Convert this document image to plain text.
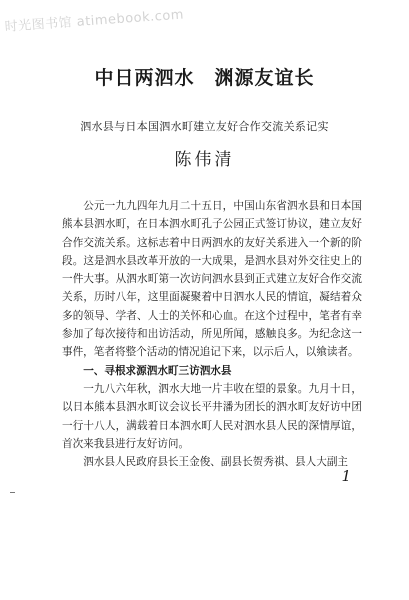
时光图书馆 atimebook.com
中日两泗水　渊源友谊长
泗水县与日本国泗水町建立友好合作交流关系记实
陈伟清

公元一九九四年九月二十五日，中国山东省泗水县和日本国熊本县泗水町，在日本泗水町孔子公园正式签订协议，建立友好合作交流关系。这标志着中日两泗水的友好关系进入一个新的阶段。这是泗水县改革开放的一大成果，是泗水县对外交往史上的一件大事。从泗水町第一次访问泗水县到正式建立友好合作交流关系，历时八年，这里面凝聚着中日泗水人民的情谊，凝结着众多的领导、学者、人士的关怀和心血。在这个过程中，笔者有幸参加了每次接待和出访活动，所见所闻，感触良多。为纪念这一事件，笔者将整个活动的情况追记下来，以示后人，以飨读者。

一、寻根求源泗水町三访泗水县

一九八六年秋，泗水大地一片丰收在望的景象。九月十日，以日本熊本县泗水町议会议长平井潘为团长的泗水町友好访中团一行十八人，满载着日本泗水町人民对泗水县人民的深情厚谊，首次来我县进行友好访问。

泗水县人民政府县长王金俊、副县长贺秀祺、县人大副主

1
